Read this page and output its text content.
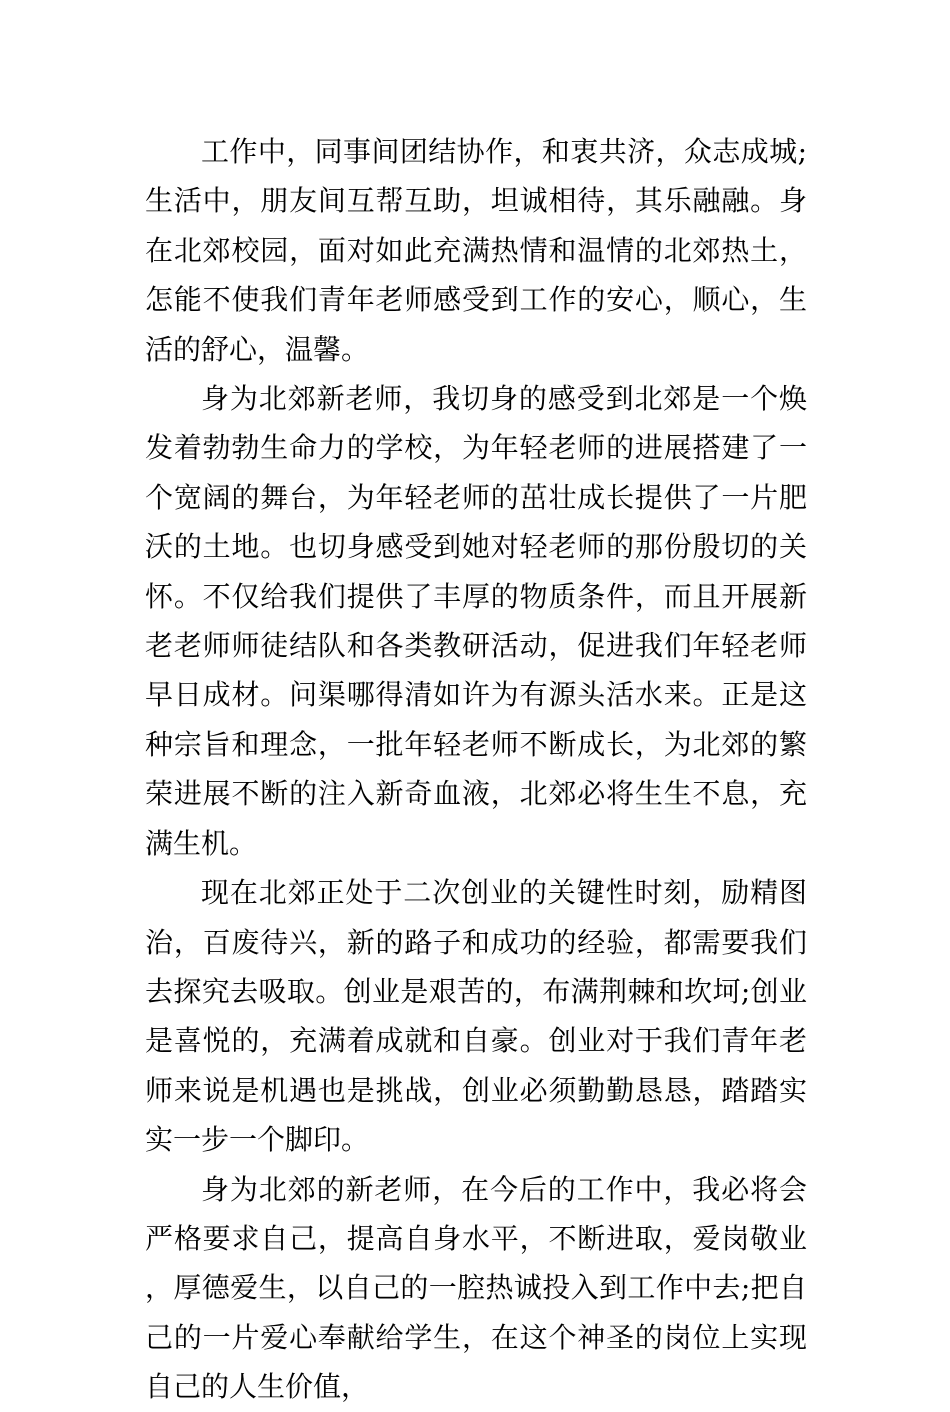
工作中，同事间团结协作，和衷共济，众志成城;生活中，朋友间互帮互助，坦诚相待，其乐融融。身在北郊校园，面对如此充满热情和温情的北郊热土，怎能不使我们青年老师感受到工作的安心，顺心，生活的舒心，温馨。

身为北郊新老师，我切身的感受到北郊是一个焕发着勃勃生命力的学校，为年轻老师的进展搭建了一个宽阔的舞台，为年轻老师的茁壮成长提供了一片肥沃的土地。也切身感受到她对轻老师的那份殷切的关怀。不仅给我们提供了丰厚的物质条件，而且开展新老老师师徒结队和各类教研活动，促进我们年轻老师早日成材。问渠哪得清如许为有源头活水来。正是这种宗旨和理念，一批年轻老师不断成长，为北郊的繁荣进展不断的注入新奇血液，北郊必将生生不息，充满生机。

现在北郊正处于二次创业的关键性时刻，励精图治，百废待兴，新的路子和成功的经验，都需要我们去探究去吸取。创业是艰苦的，布满荆棘和坎坷;创业是喜悦的，充满着成就和自豪。创业对于我们青年老师来说是机遇也是挑战，创业必须勤勤恳恳，踏踏实实一步一个脚印。

身为北郊的新老师，在今后的工作中，我必将会严格要求自己，提高自身水平，不断进取，爱岗敬业，厚德爱生，以自己的一腔热诚投入到工作中去;把自己的一片爱心奉献给学生，在这个神圣的岗位上实现自己的人生价值，
